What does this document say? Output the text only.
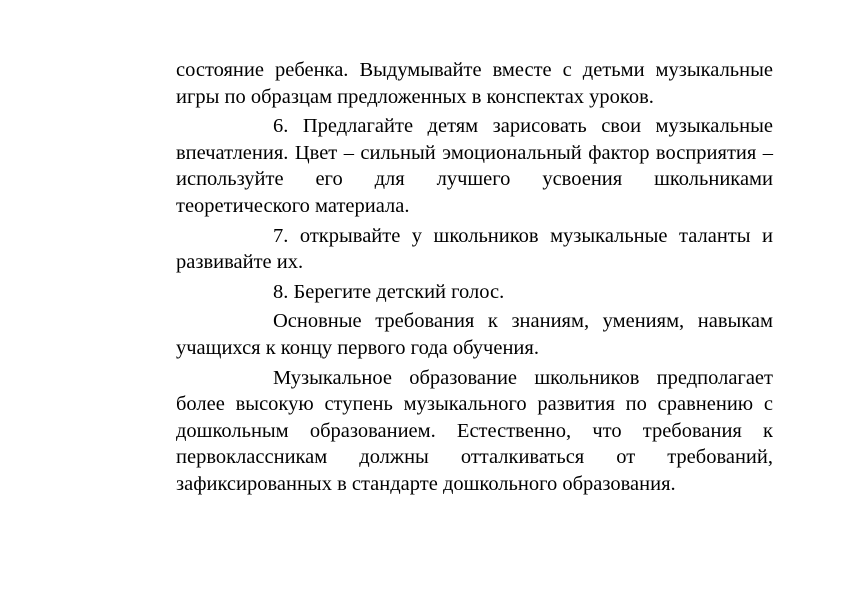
состояние ребенка. Выдумывайте вместе с детьми музыкальные игры по образцам предложенных в конспектах уроков.

6. Предлагайте детям зарисовать свои музыкальные впечатления. Цвет – сильный эмоциональный фактор восприятия – используйте его для лучшего усвоения школьниками теоретического материала.

7. открывайте у школьников музыкальные таланты и развивайте их.

8. Берегите детский голос.

Основные требования к знаниям, умениям, навыкам учащихся к концу первого года обучения.

Музыкальное образование школьников предполагает более высокую ступень музыкального развития по сравнению с дошкольным образованием. Естественно, что требования к первоклассникам должны отталкиваться от требований, зафиксированных в стандарте дошкольного образования.
